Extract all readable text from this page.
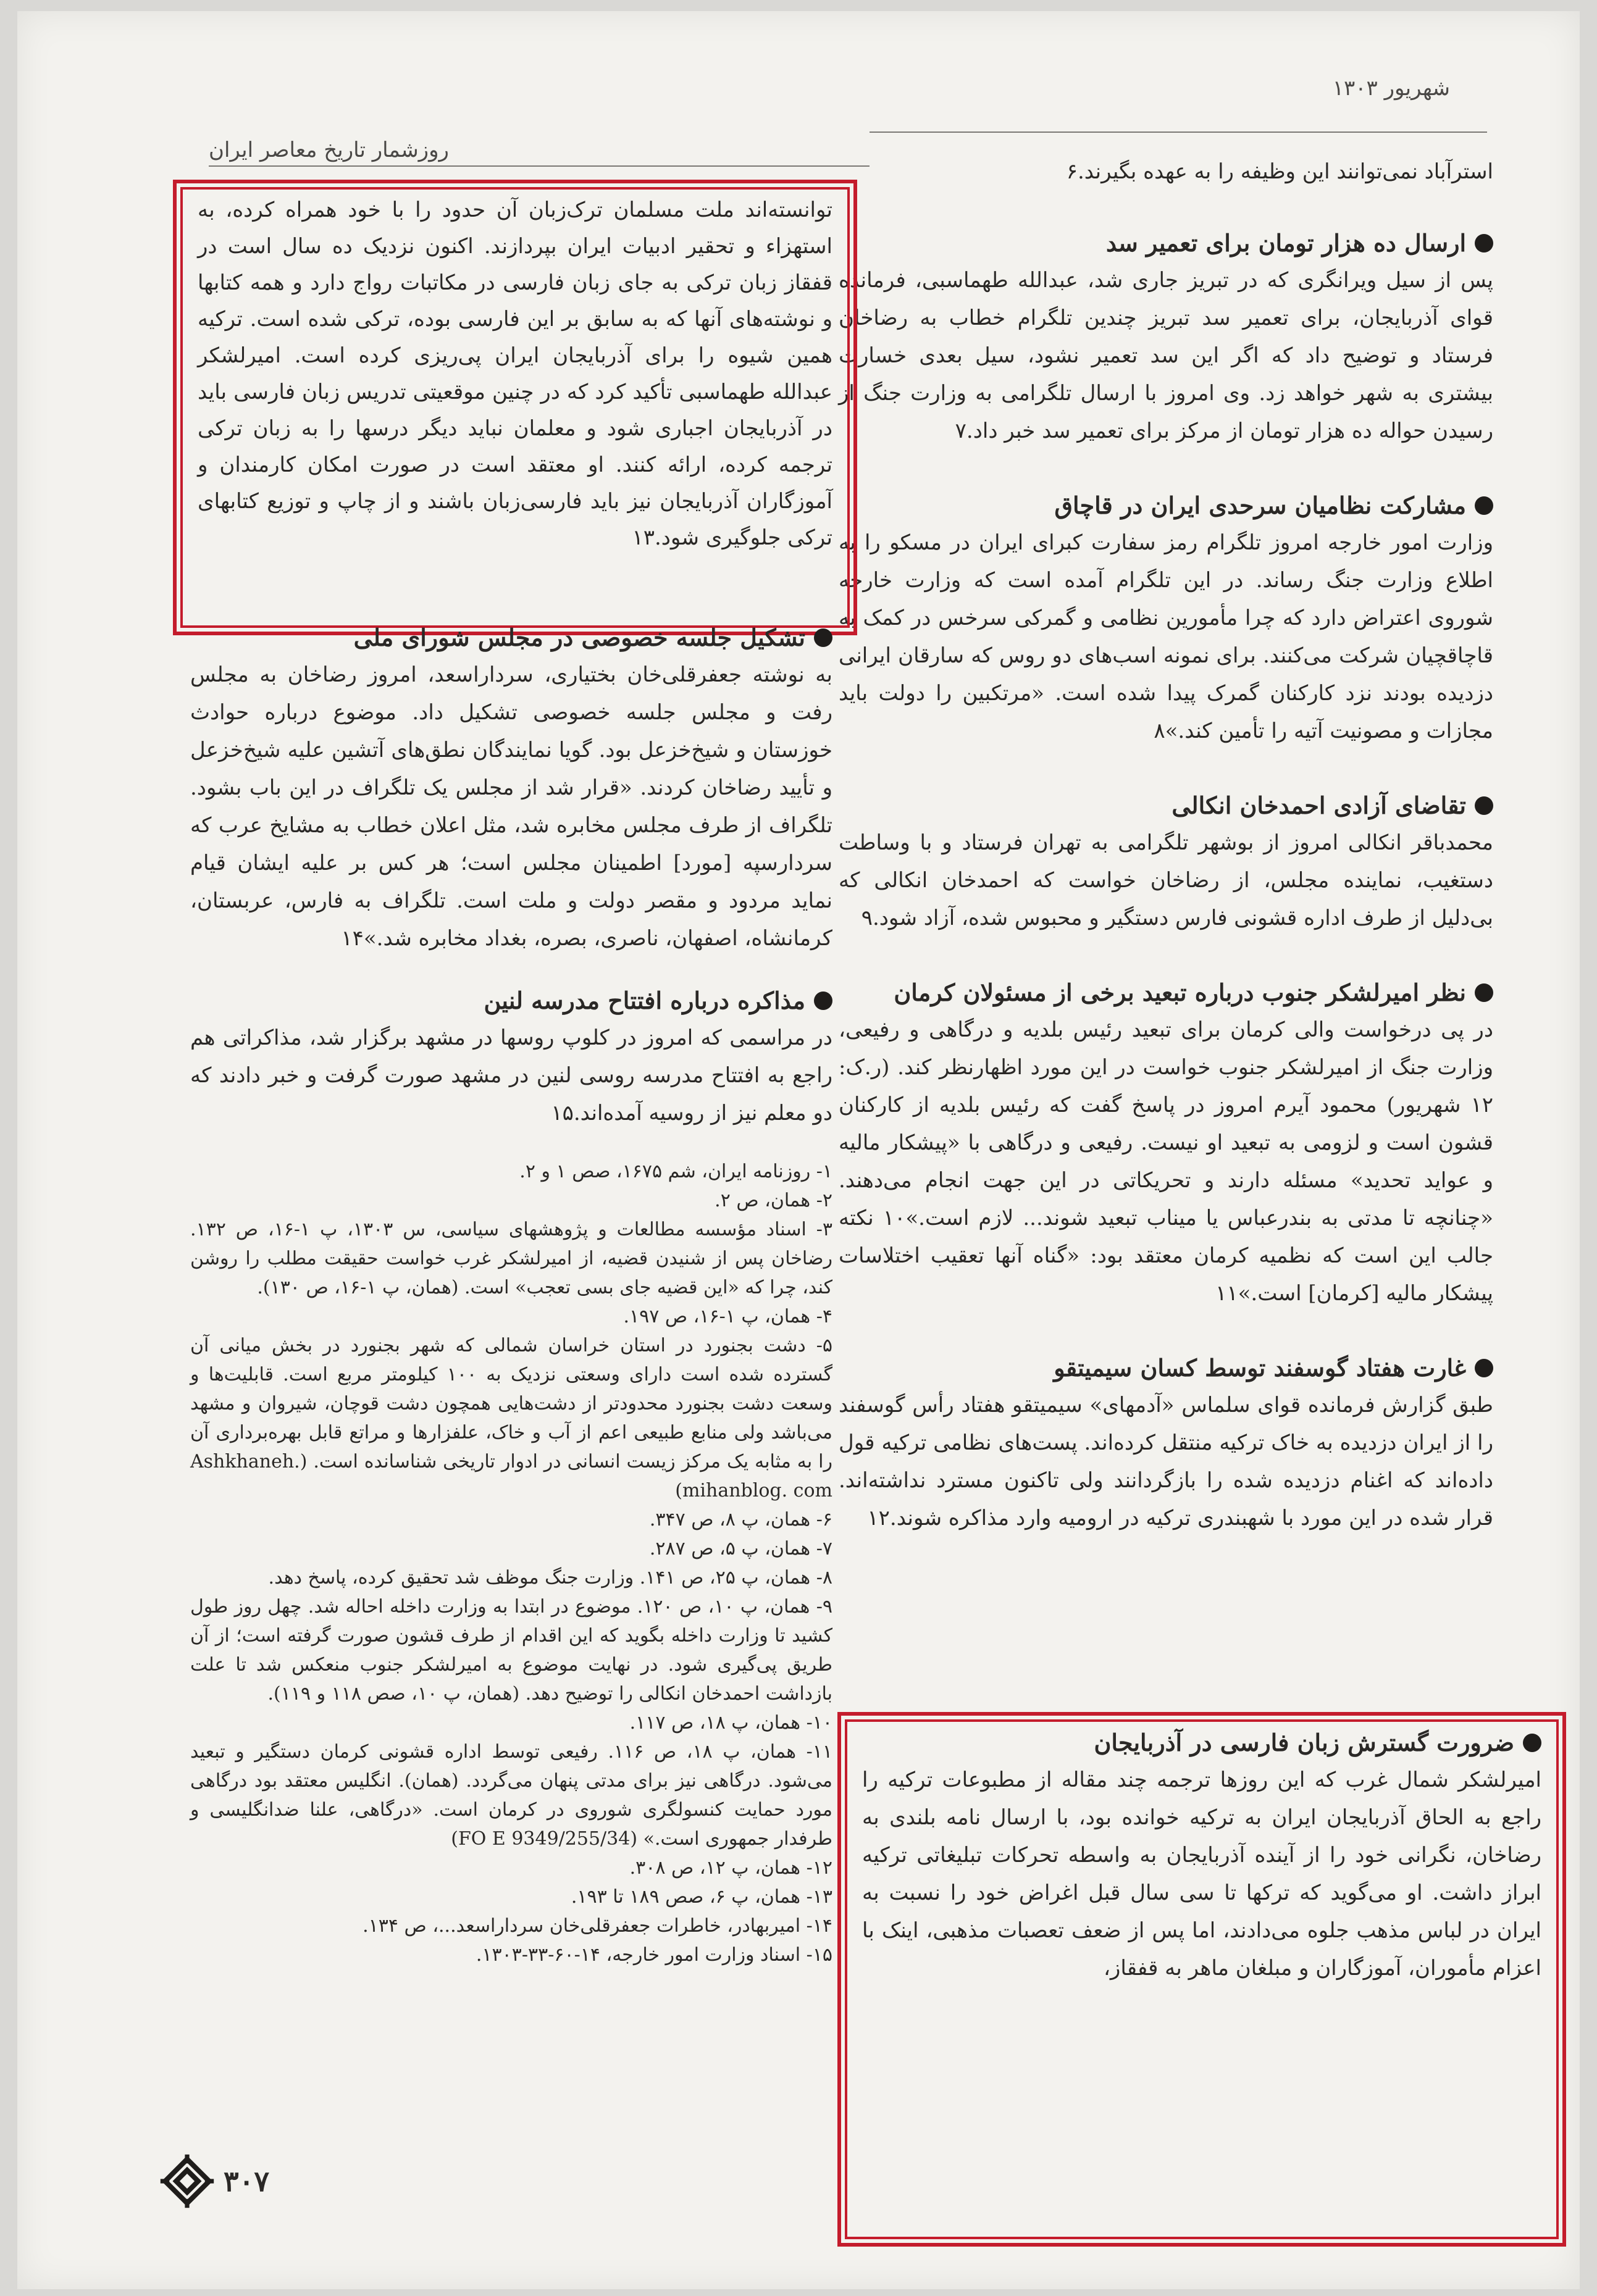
شهریور ۱۳۰۳
روزشمار تاریخ معاصر ایران

استرآباد نمی‌توانند این وظیفه را به عهده بگیرند.۶

ارسال ده هزار تومان برای تعمیر سد

پس از سیل ویرانگری که در تبریز جاری شد، عبدالله طهماسبی، فرمانده قوای آذربایجان، برای تعمیر سد تبریز چندین تلگرام خطاب به رضاخان فرستاد و توضیح داد که اگر این سد تعمیر نشود، سیل بعدی خسارت بیشتری به شهر خواهد زد. وی امروز با ارسال تلگرامی به وزارت جنگ از رسیدن حواله ده هزار تومان از مرکز برای تعمیر سد خبر داد.۷

مشارکت نظامیان سرحدی ایران در قاچاق

وزارت امور خارجه امروز تلگرام رمز سفارت کبرای ایران در مسکو را به اطلاع وزارت جنگ رساند. در این تلگرام آمده است که وزارت خارجه شوروی اعتراض دارد که چرا مأمورین نظامی و گمرکی سرخس در کمک به قاچاقچیان شرکت می‌کنند. برای نمونه اسب‌های دو روس که سارقان ایرانی دزدیده بودند نزد کارکنان گمرک پیدا شده است. «مرتکبین را دولت باید مجازات و مصونیت آتیه را تأمین کند.»۸

تقاضای آزادی احمدخان انکالی

محمدباقر انکالی امروز از بوشهر تلگرامی به تهران فرستاد و با وساطت دستغیب، نماینده مجلس، از رضاخان خواست که احمدخان انکالی که بی‌دلیل از طرف اداره قشونی فارس دستگیر و محبوس شده، آزاد شود.۹

نظر امیرلشکر جنوب درباره تبعید برخی از مسئولان کرمان

در پی درخواست والی کرمان برای تبعید رئیس بلدیه و درگاهی و رفیعی، وزارت جنگ از امیرلشکر جنوب خواست در این مورد اظهارنظر کند. (ر.ک: ۱۲ شهریور) محمود آیرم امروز در پاسخ گفت که رئیس بلدیه از کارکنان قشون است و لزومی به تبعید او نیست. رفیعی و درگاهی با «پیشکار مالیه و عواید تحدید» مسئله دارند و تحریکاتی در این جهت انجام می‌دهند. «چنانچه تا مدتی به بندرعباس یا میناب تبعید شوند... لازم است.»۱۰ نکته جالب این است که نظمیه کرمان معتقد بود: «گناه آنها تعقیب اختلاسات پیشکار مالیه [کرمان] است.»۱۱

غارت هفتاد گوسفند توسط کسان سیمیتقو

طبق گزارش فرمانده قوای سلماس «آدمهای» سیمیتقو هفتاد رأس گوسفند را از ایران دزدیده به خاک ترکیه منتقل کرده‌اند. پست‌های نظامی ترکیه قول داده‌اند که اغنام دزدیده شده را بازگردانند ولی تاکنون مسترد نداشته‌اند. قرار شده در این مورد با شهبندری ترکیه در ارومیه وارد مذاکره شوند.۱۲

ضرورت گسترش زبان فارسی در آذربایجان

امیرلشکر شمال غرب که این روزها ترجمه چند مقاله از مطبوعات ترکیه را راجع به الحاق آذربایجان ایران به ترکیه خوانده بود، با ارسال نامه بلندی به رضاخان، نگرانی خود را از آینده آذربایجان به واسطه تحرکات تبلیغاتی ترکیه ابراز داشت. او می‌گوید که ترکها تا سی سال قبل اغراض خود را نسبت به ایران در لباس مذهب جلوه می‌دادند، اما پس از ضعف تعصبات مذهبی، اینک با اعزام مأموران، آموزگاران و مبلغان ماهر به قفقاز،

توانسته‌اند ملت مسلمان ترک‌زبان آن حدود را با خود همراه کرده، به استهزاء و تحقیر ادبیات ایران بپردازند. اکنون نزدیک ده سال است در قفقاز زبان ترکی به جای زبان فارسی در مکاتبات رواج دارد و همه کتابها و نوشته‌های آنها که به سابق بر این فارسی بوده، ترکی شده است. ترکیه همین شیوه را برای آذربایجان ایران پی‌ریزی کرده است. امیرلشکر عبدالله طهماسبی تأکید کرد که در چنین موقعیتی تدریس زبان فارسی باید در آذربایجان اجباری شود و معلمان نباید دیگر درسها را به زبان ترکی ترجمه کرده، ارائه کنند. او معتقد است در صورت امکان کارمندان و آموزگاران آذربایجان نیز باید فارسی‌زبان باشند و از چاپ و توزیع کتابهای ترکی جلوگیری شود.۱۳

تشکیل جلسه خصوصی در مجلس شورای ملی

به نوشته جعفرقلی‌خان بختیاری، سرداراسعد، امروز رضاخان به مجلس رفت و مجلس جلسه خصوصی تشکیل داد. موضوع درباره حوادث خوزستان و شیخ‌خزعل بود. گویا نمایندگان نطق‌های آتشین علیه شیخ‌خزعل و تأیید رضاخان کردند. «قرار شد از مجلس یک تلگراف در این باب بشود. تلگراف از طرف مجلس مخابره شد، مثل اعلان خطاب به مشایخ عرب که سردارسپه [مورد] اطمینان مجلس است؛ هر کس بر علیه ایشان قیام نماید مردود و مقصر دولت و ملت است. تلگراف به فارس، عربستان، کرمانشاه، اصفهان، ناصری، بصره، بغداد مخابره شد.»۱۴

مذاکره درباره افتتاح مدرسه لنین

در مراسمی که امروز در کلوپ روسها در مشهد برگزار شد، مذاکراتی هم راجع به افتتاح مدرسه روسی لنین در مشهد صورت گرفت و خبر دادند که دو معلم نیز از روسیه آمده‌اند.۱۵

۱- روزنامه ایران، شم ۱۶۷۵، صص ۱ و ۲.
۲- همان، ص ۲.
۳- اسناد مؤسسه مطالعات و پژوهشهای سیاسی، س ۱۳۰۳، پ ۱-۱۶، ص ۱۳۲. رضاخان پس از شنیدن قضیه، از امیرلشکر غرب خواست حقیقت مطلب را روشن کند، چرا که «این قضیه جای بسی تعجب» است. (همان، پ ۱-۱۶، ص ۱۳۰).
۴- همان، پ ۱-۱۶، ص ۱۹۷.
۵- دشت بجنورد در استان خراسان شمالی که شهر بجنورد در بخش میانی آن گسترده شده است دارای وسعتی نزدیک به ۱۰۰ کیلومتر مربع است. قابلیت‌ها و وسعت دشت بجنورد محدودتر از دشت‌هایی همچون دشت قوچان، شیروان و مشهد می‌باشد ولی منابع طبیعی اعم از آب و خاک، علفزارها و مراتع قابل بهره‌برداری آن را به مثابه یک مرکز زیست انسانی در ادوار تاریخی شناسانده است. (Ashkhaneh. mihanblog. com)
۶- همان، پ ۸، ص ۳۴۷.
۷- همان، پ ۵، ص ۲۸۷.
۸- همان، پ ۲۵، ص ۱۴۱. وزارت جنگ موظف شد تحقیق کرده، پاسخ دهد.
۹- همان، پ ۱۰، ص ۱۲۰. موضوع در ابتدا به وزارت داخله احاله شد. چهل روز طول کشید تا وزارت داخله بگوید که این اقدام از طرف قشون صورت گرفته است؛ از آن طریق پی‌گیری شود. در نهایت موضوع به امیرلشکر جنوب منعکس شد تا علت بازداشت احمدخان انکالی را توضیح دهد. (همان، پ ۱۰، صص ۱۱۸ و ۱۱۹).
۱۰- همان، پ ۱۸، ص ۱۱۷.
۱۱- همان، پ ۱۸، ص ۱۱۶. رفیعی توسط اداره قشونی کرمان دستگیر و تبعید می‌شود. درگاهی نیز برای مدتی پنهان می‌گردد. (همان). انگلیس معتقد بود درگاهی مورد حمایت کنسولگری شوروی در کرمان است. «درگاهی، علنا ضدانگلیسی و طرفدار جمهوری است.» (FO E 9349/255/34)
۱۲- همان، پ ۱۲، ص ۳۰۸.
۱۳- همان، پ ۶، صص ۱۸۹ تا ۱۹۳.
۱۴- امیربهادر، خاطرات جعفرقلی‌خان سرداراسعد...، ص ۱۳۴.
۱۵- اسناد وزارت امور خارجه، ۱۴-۶۰-۳۳-۱۳۰۳.
۳۰۷
